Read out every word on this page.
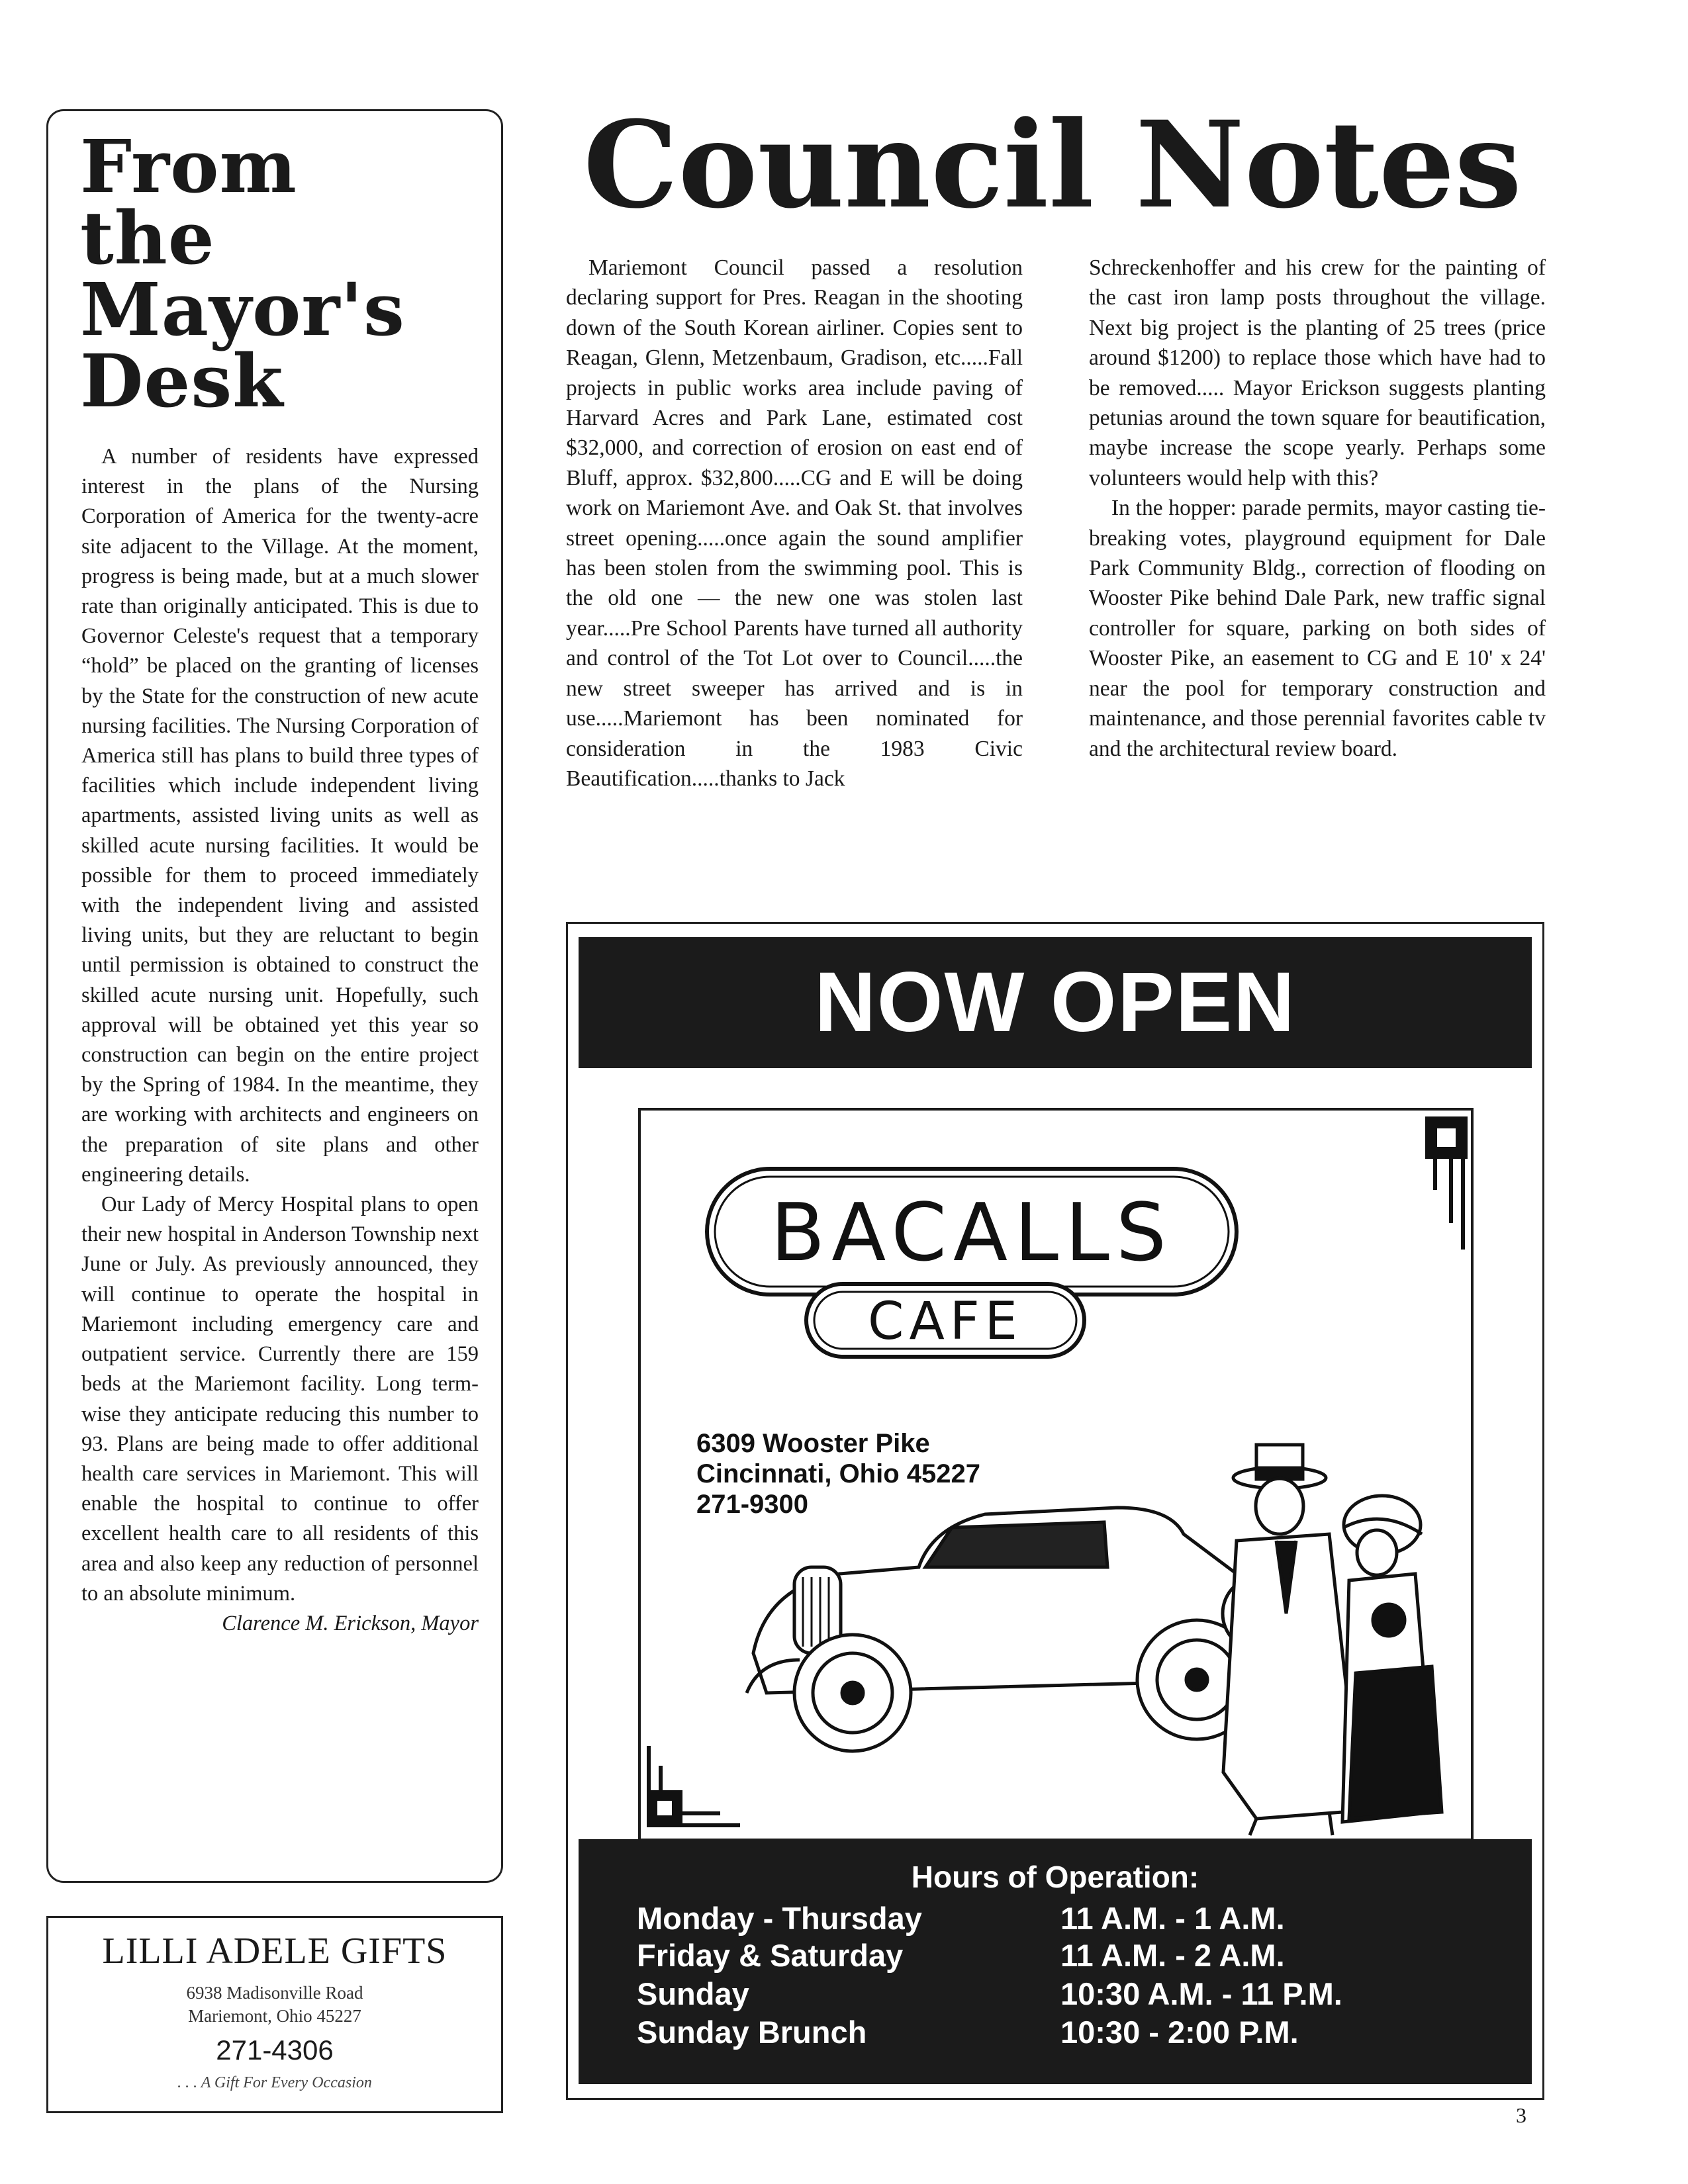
From
the
Mayor's
Desk

A number of residents have expressed interest in the plans of the Nursing Corporation of America for the twenty-acre site adjacent to the Village. At the moment, progress is being made, but at a much slower rate than originally anticipated. This is due to Governor Celeste's request that a temporary “hold” be placed on the granting of licenses by the State for the construction of new acute nursing facilities. The Nursing Corporation of America still has plans to build three types of facilities which include independent living apartments, assisted living units as well as skilled acute nursing facilities. It would be possible for them to proceed immediately with the independent living and assisted living units, but they are reluctant to begin until permission is obtained to construct the skilled acute nursing unit. Hopefully, such approval will be obtained yet this year so construction can begin on the entire project by the Spring of 1984. In the meantime, they are working with architects and engineers on the preparation of site plans and other engineering details.

Our Lady of Mercy Hospital plans to open their new hospital in Anderson Township next June or July. As previously announced, they will continue to operate the hospital in Mariemont including emergency care and outpatient service. Currently there are 159 beds at the Mariemont facility. Long term-wise they anticipate reducing this number to 93. Plans are being made to offer additional health care services in Mariemont. This will enable the hospital to continue to offer excellent health care to all residents of this area and also keep any reduction of personnel to an absolute minimum.

Clarence M. Erickson, Mayor

LILLI ADELE GIFTS
6938 Madisonville Road
Mariemont, Ohio 45227
271-4306
. . . A Gift For Every Occasion
Council Notes

Mariemont Council passed a resolution declaring support for Pres. Reagan in the shooting down of the South Korean airliner. Copies sent to Reagan, Glenn, Metzenbaum, Gradison, etc.....Fall projects in public works area include paving of Harvard Acres and Park Lane, estimated cost $32,000, and correction of erosion on east end of Bluff, approx. $32,800.....CG and E will be doing work on Mariemont Ave. and Oak St. that involves street opening.....once again the sound amplifier has been stolen from the swimming pool. This is the old one — the new one was stolen last year.....Pre School Parents have turned all authority and control of the Tot Lot over to Council.....the new street sweeper has arrived and is in use.....Mariemont has been nominated for consideration in the 1983 Civic Beautification.....thanks to Jack

Schreckenhoffer and his crew for the painting of the cast iron lamp posts throughout the village. Next big project is the planting of 25 trees (price around $1200) to replace those which have had to be removed..... Mayor Erickson suggests planting petunias around the town square for beautification, maybe increase the scope yearly. Perhaps some volunteers would help with this?

In the hopper: parade permits, mayor casting tie-breaking votes, playground equipment for Dale Park Community Bldg., correction of flooding on Wooster Pike behind Dale Park, new traffic signal controller for square, parking on both sides of Wooster Pike, an easement to CG and E 10' x 24' near the pool for temporary construction and maintenance, and those perennial favorites cable tv and the architectural review board.

NOW OPEN
BACALLS
CAFE
6309 Wooster Pike
Cincinnati, Ohio 45227
271-9300
Hours of Operation:
Monday - Thursday	11 A.M. - 1 A.M.
Friday & Saturday	11 A.M. - 2 A.M.
Sunday	10:30 A.M. - 11 P.M.
Sunday Brunch	10:30 - 2:00 P.M.
3
